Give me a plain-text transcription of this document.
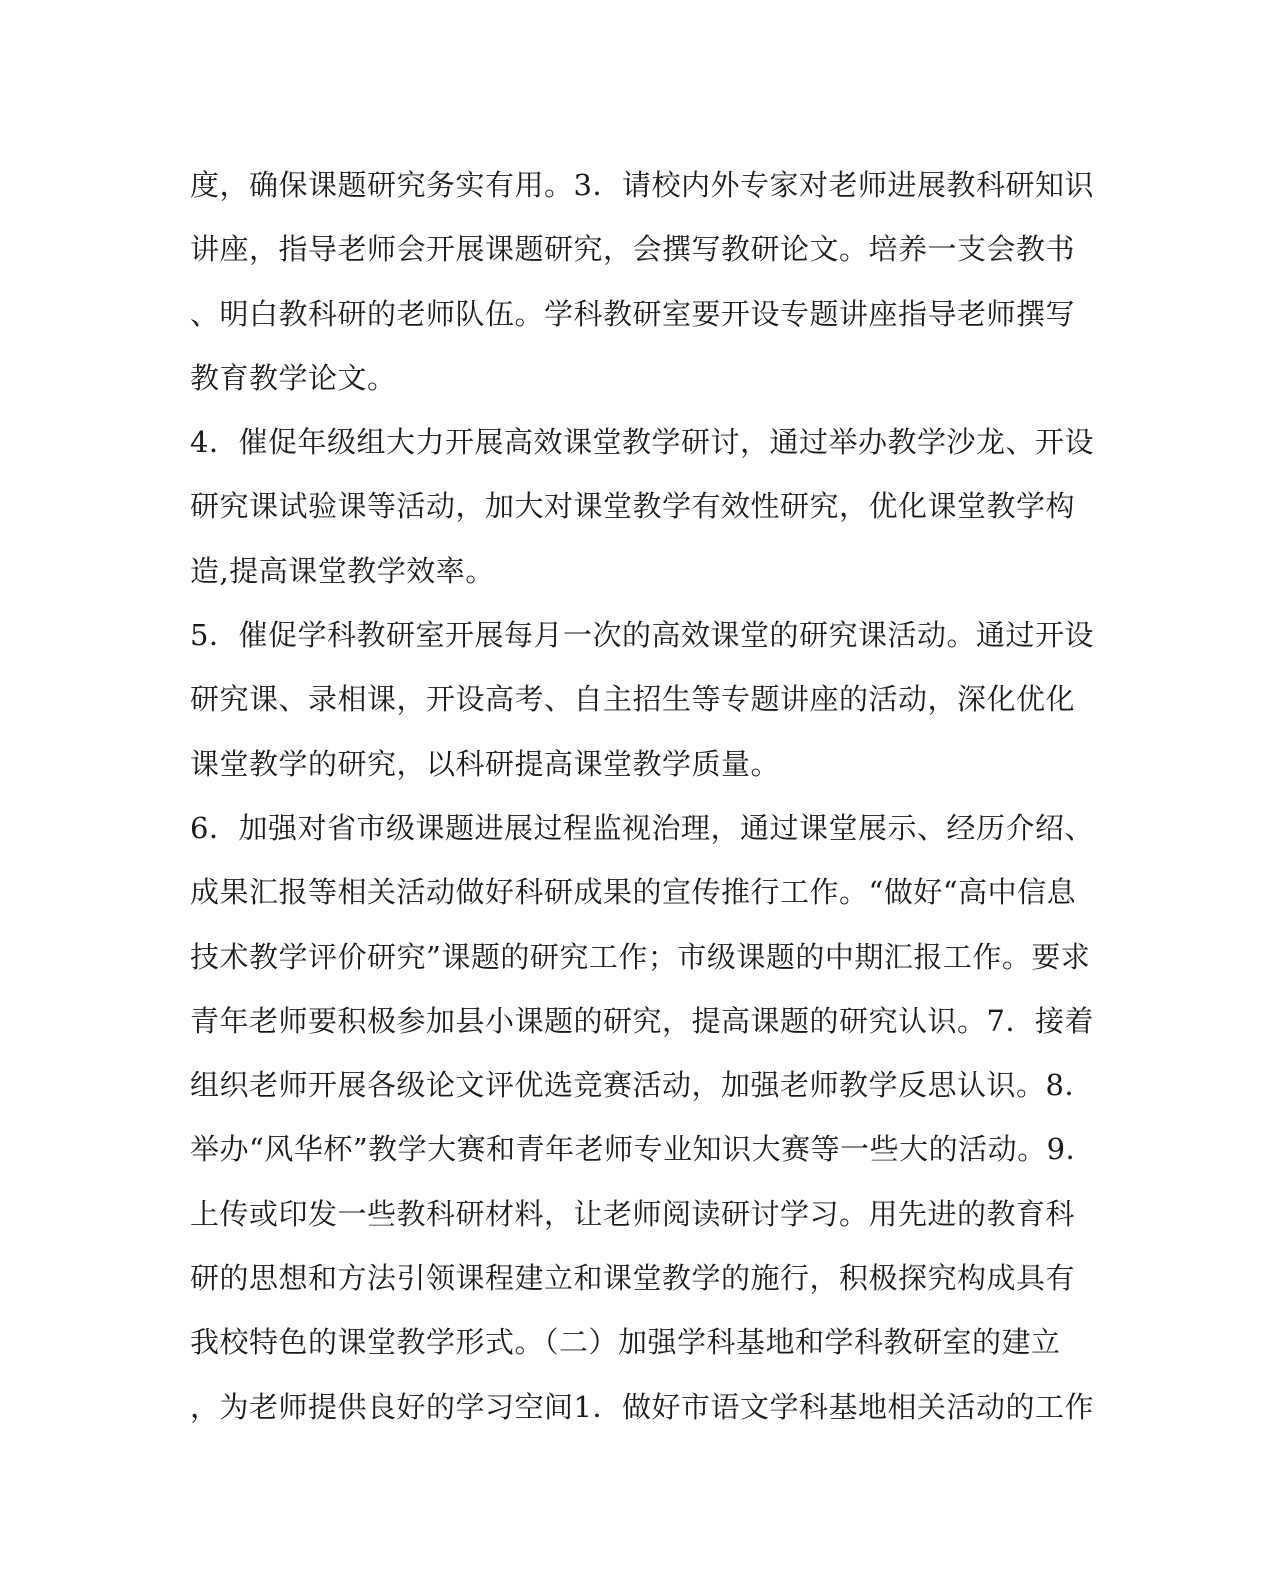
度，确保课题研究务实有用。3．请校内外专家对老师进展教科研知识
讲座，指导老师会开展课题研究，会撰写教研论文。培养一支会教书
、明白教科研的老师队伍。学科教研室要开设专题讲座指导老师撰写
教育教学论文。
4．催促年级组大力开展高效课堂教学研讨，通过举办教学沙龙、开设
研究课试验课等活动，加大对课堂教学有效性研究，优化课堂教学构
造,提高课堂教学效率。
5．催促学科教研室开展每月一次的高效课堂的研究课活动。通过开设
研究课、录相课，开设高考、自主招生等专题讲座的活动，深化优化
课堂教学的研究，以科研提高课堂教学质量。
6．加强对省市级课题进展过程监视治理，通过课堂展示、经历介绍、
成果汇报等相关活动做好科研成果的宣传推行工作。“做好“高中信息
技术教学评价研究”课题的研究工作；市级课题的中期汇报工作。要求
青年老师要积极参加县小课题的研究，提高课题的研究认识。7．接着
组织老师开展各级论文评优选竞赛活动，加强老师教学反思认识。8．
举办“风华杯”教学大赛和青年老师专业知识大赛等一些大的活动。9．
上传或印发一些教科研材料，让老师阅读研讨学习。用先进的教育科
研的思想和方法引领课程建立和课堂教学的施行，积极探究构成具有
我校特色的课堂教学形式。（二）加强学科基地和学科教研室的建立
，为老师提供良好的学习空间1．做好市语文学科基地相关活动的工作
